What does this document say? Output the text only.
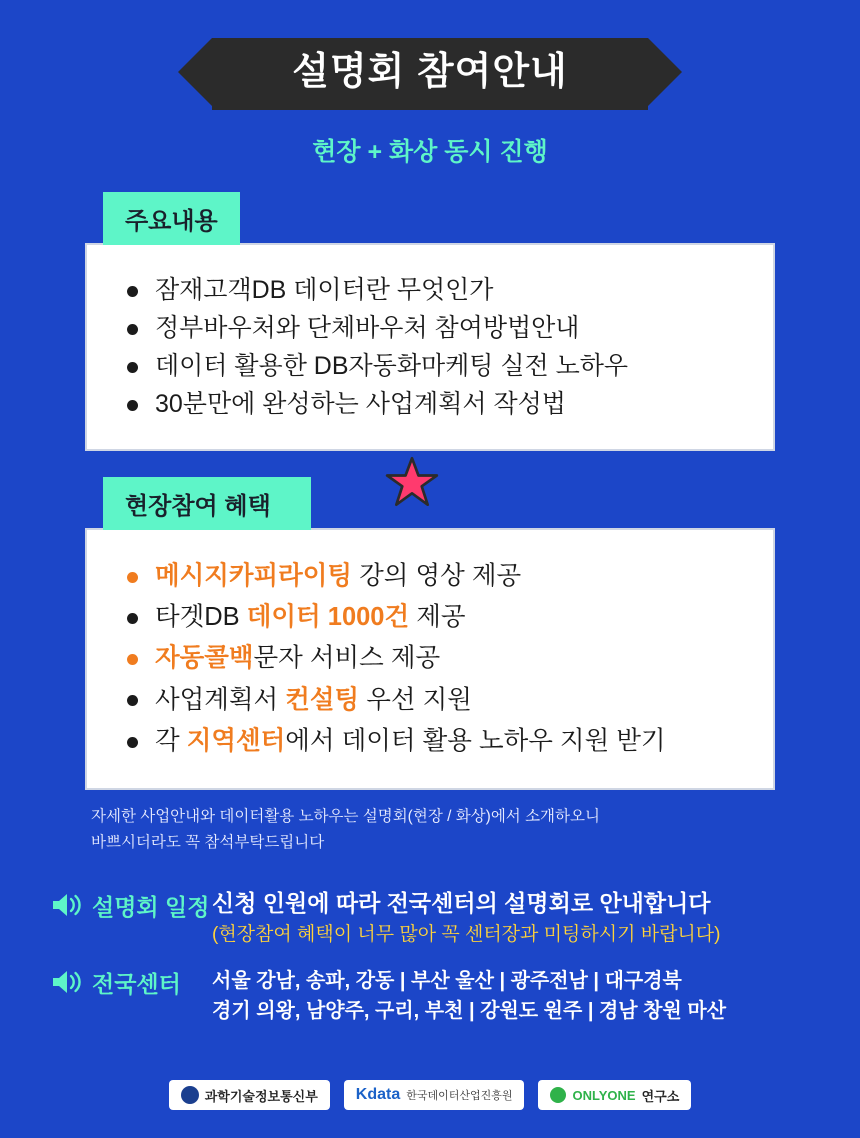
설명회 참여안내
현장 + 화상 동시 진행
주요내용
잠재고객DB 데이터란 무엇인가
정부바우처와 단체바우처 참여방법안내
데이터 활용한 DB자동화마케팅 실전 노하우
30분만에 완성하는 사업계획서 작성법
현장참여 혜택
메시지카피라이팅 강의 영상 제공
타겟DB 데이터 1000건 제공
자동콜백문자 서비스 제공
사업계획서 컨설팅 우선 지원
각 지역센터에서 데이터 활용 노하우 지원 받기
자세한 사업안내와 데이터활용 노하우는 설명회(현장 / 화상)에서 소개하오니
바쁘시더라도 꼭 참석부탁드립니다
설명회 일정 신청 인원에 따라 전국센터의 설명회로 안내합니다
(현장참여 혜택이 너무 많아 꼭 센터장과 미팅하시기 바랍니다)
전국센터	서울 강남, 송파, 강동 | 부산 울산 | 광주전남 | 대구경북
경기 의왕, 남양주, 구리, 부천 | 강원도 원주 | 경남 창원 마산
과학기술정보통신부 Kdata 한국데이터산업진흥원	ONLYONE 연구소
